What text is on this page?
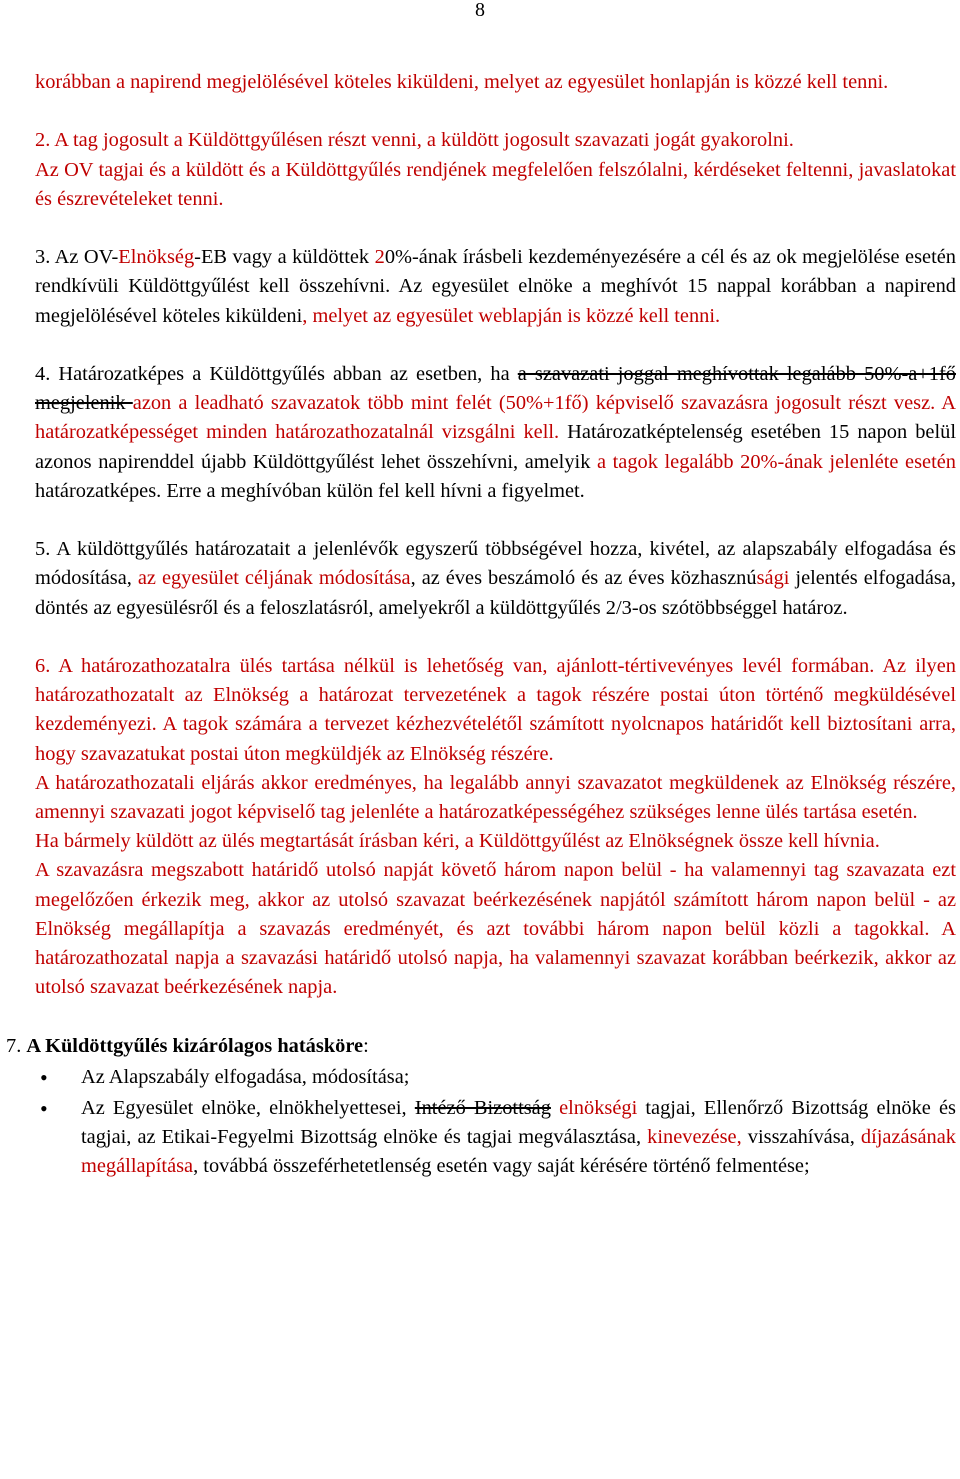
8

korábban a napirend megjelölésével köteles kiküldeni, melyet az egyesület honlapján is közzé kell tenni.

2. A tag jogosult a Küldöttgyűlésen részt venni, a küldött jogosult szavazati jogát gyakorolni.
Az OV tagjai és a küldött és a Küldöttgyűlés rendjének megfelelően felszólalni, kérdéseket feltenni, javaslatokat és észrevételeket tenni.

3. Az OV-Elnökség-EB vagy a küldöttek 20%-ának írásbeli kezdeményezésére a cél és az ok megjelölése esetén rendkívüli Küldöttgyűlést kell összehívni. Az egyesület elnöke a meghívót 15 nappal korábban a napirend megjelölésével köteles kiküldeni, melyet az egyesület weblapján is közzé kell tenni.

4. Határozatképes a Küldöttgyűlés abban az esetben, ha a szavazati joggal meghívottak legalább 50%-a+1fő megjelenik azon a leadható szavazatok több mint felét (50%+1fő) képviselő szavazásra jogosult részt vesz. A határozatképességet minden határozathozatalnál vizsgálni kell. Határozatképtelenség esetében 15 napon belül azonos napirenddel újabb Küldöttgyűlést lehet összehívni, amelyik a tagok legalább 20%-ának jelenléte esetén határozatképes. Erre a meghívóban külön fel kell hívni a figyelmet.

5. A küldöttgyűlés határozatait a jelenlévők egyszerű többségével hozza, kivétel, az alapszabály elfogadása és módosítása, az egyesület céljának módosítása, az éves beszámoló és az éves közhasznúsági jelentés elfogadása, döntés az egyesülésről és a feloszlatásról, amelyekről a küldöttgyűlés 2/3-os szótöbbséggel határoz.

6. A határozathozatalra ülés tartása nélkül is lehetőség van, ajánlott-tértivevényes levél formában. Az ilyen határozathozatalt az Elnökség a határozat tervezetének a tagok részére postai úton történő megküldésével kezdeményezi. A tagok számára a tervezet kézhezvételétől számított nyolcnapos határidőt kell biztosítani arra, hogy szavazatukat postai úton megküldjék az Elnökség részére.

A határozathozatali eljárás akkor eredményes, ha legalább annyi szavazatot megküldenek az Elnökség részére, amennyi szavazati jogot képviselő tag jelenléte a határozatképességéhez szükséges lenne ülés tartása esetén.

Ha bármely küldött az ülés megtartását írásban kéri, a Küldöttgyűlést az Elnökségnek össze kell hívnia.

A szavazásra megszabott határidő utolsó napját követő három napon belül - ha valamennyi tag szavazata ezt megelőzően érkezik meg, akkor az utolsó szavazat beérkezésének napjától számított három napon belül - az Elnökség megállapítja a szavazás eredményét, és azt további három napon belül közli a tagokkal. A határozathozatal napja a szavazási határidő utolsó napja, ha valamennyi szavazat korábban beérkezik, akkor az utolsó szavazat beérkezésének napja.

7. A Küldöttgyűlés kizárólagos hatásköre:

• Az Alapszabály elfogadása, módosítása;
• Az Egyesület elnöke, elnökhelyettesei, Intéző Bizottság elnökségi tagjai, Ellenőrző Bizottság elnöke és tagjai, az Etikai-Fegyelmi Bizottság elnöke és tagjai megválasztása, kinevezése, visszahívása, díjazásának megállapítása, továbbá összeférhetetlenség esetén vagy saját kérésére történő felmentése;
